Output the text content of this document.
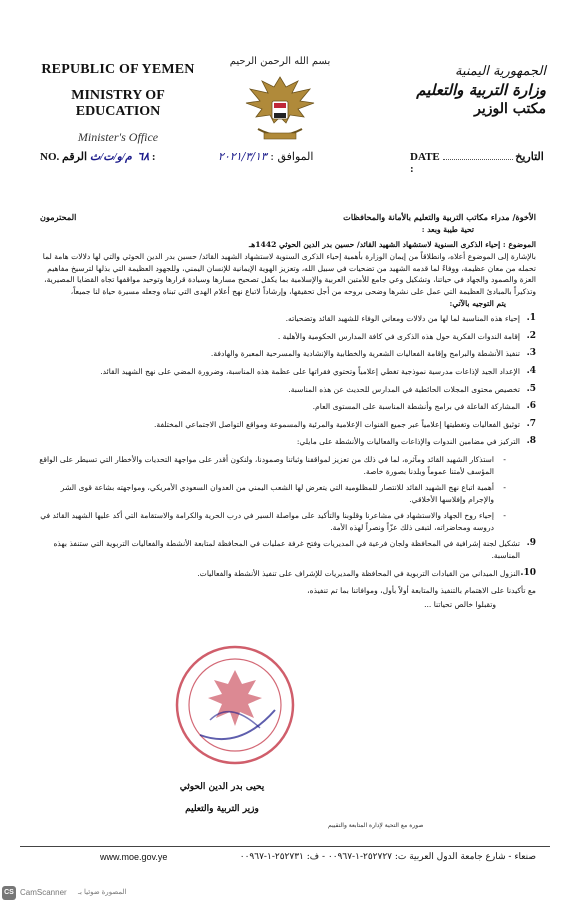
REPUBLIC OF YEMEN
MINISTRY OF EDUCATION
Minister's Office
بسم الله الرحمن الرحيم
الجمهورية اليمنية
وزارة التربية والتعليم
مكتب الوزير
NO.	٦٨  م/و/ت/ث الرقم :	الموافق : ٢٠٢١/٣/١٣	DATE	التاريخ :
الأخوة/ مدراء مكاتب التربية والتعليم بالأمانة والمحافظات
المحترمون
تحية طيبة وبعد :
الموضوع : إحياء الذكرى السنوية لاستشهاد الشهيد القائد/ حسين بدر الدين الحوثي 1442هـ
بالإشارة إلى الموضوع أعلاه، وانطلاقاً من إيمان الوزارة بأهمية إحياء الذكرى السنوية لاستشهاد الشهيد القائد/ حسين بدر الدين الحوثي والتي لها دلالات هامة لما تحمله من معان عظيمة، ووفاءً لما قدمه الشهيد من تضحيات في سبيل الله، وتعزيز الهوية الإيمانية للإنسان اليمني، وللجهود العظيمة التي بذلها لترسيخ مفاهيم العزة والصمود والجهاد في حياتنا، وتشكيل وعي جامع للأمتين العربية والإسلامية بما يكفل تصحيح مسارها وسيادة قرارها وتوحيد مواقفها تجاه القضايا المصيرية، وتذكيراً بالمبادئ العظيمة التي عمل على نشرها وضحى بروحه من أجل تحقيقها، وإرشاداً لاتباع نهج أعلام الهدى التي تبناه وجعله مسيرة حياة لنا جميعاً،
يتم التوجيه بالآتي:
1.
إحياء هذه المناسبة لما لها من دلالات ومعاني الوفاء للشهيد القائد وتضحياته.
2.
إقامة الندوات الفكرية حول هذه الذكرى في كافة المدارس الحكومية والأهلية .
3.
تنفيذ الأنشطة والبرامج وإقامة الفعاليات الشعرية والخطابية والإنشادية والمسرحية المعبرة والهادفة.
4.
الإعداد الجيد لإذاعات مدرسية نموذجية تغطي إعلامياً وتحتوي فقراتها على عظمة هذه المناسبة، وضرورة المضي على نهج الشهيد القائد.
5.
تخصيص محتوى المجلات الحائطية في المدارس للحديث عن هذه المناسبة.
6.
المشاركة الفاعلة في برامج وأنشطة المناسبة على المستوى العام.
7.
توثيق الفعاليات وتغطيتها إعلامياً عبر جميع القنوات الإعلامية والمرئية والمسموعة ومواقع التواصل الاجتماعي المختلفة.
8.
التركيز في مضامين الندوات والإذاعات والفعاليات والأنشطة على مايلي:
-
استذكار الشهيد القائد ومآثره، لما في ذلك من تعزيز لمواقفنا وثباتنا وصمودنا، ولنكون أقدر على مواجهة التحديات والأخطار التي تسيطر على الواقع المؤسف لأمتنا عموماً وبلدنا بصورة خاصة.
-
أهمية اتباع نهج الشهيد القائد للانتصار للمظلومية التي يتعرض لها الشعب اليمني من العدوان السعودي الأمريكي، ومواجهته بشاعة قوى الشر والإجرام وإفلاسها الأخلاقي.
-
إحياء روح الجهاد والاستشهاد في مشاعرنا وقلوبنا والتأكيد على مواصلة السير في درب الحرية والكرامة والاستقامة التي أكد عليها الشهيد القائد في دروسه ومحاضراته، لتبقى ذلك عزّاً ونصراً لهذه الأمة.
9.
تشكيل لجنة إشرافية في المحافظة ولجان فرعية في المديريات وفتح غرفة عمليات في المحافظة لمتابعة الأنشطة والفعاليات التربوية التي ستنفذ بهذه المناسبة.
10.
النزول الميداني من القيادات التربوية في المحافظة والمديريات للإشراف على تنفيذ الأنشطة والفعاليات.
مع تأكيدنا على الاهتمام بالتنفيذ والمتابعة أولاً بأول، وموافاتنا بما تم تنفيذه،
وتقبلوا خالص تحياتنا ...
يحيى بدر الدين الحوثي
وزير التربية والتعليم
صورة مع التحية لإدارة المتابعة والتقييم
www.moe.gov.ye	صنعاء - شارع جامعة الدول العربية ت: ٢٥٢٧٢٧-١-٠٠٩٦٧ - ف: ٢٥٢٧٣١-١-٠٠٩٦٧
CS CamScanner المصورة ضوئيا بـ
